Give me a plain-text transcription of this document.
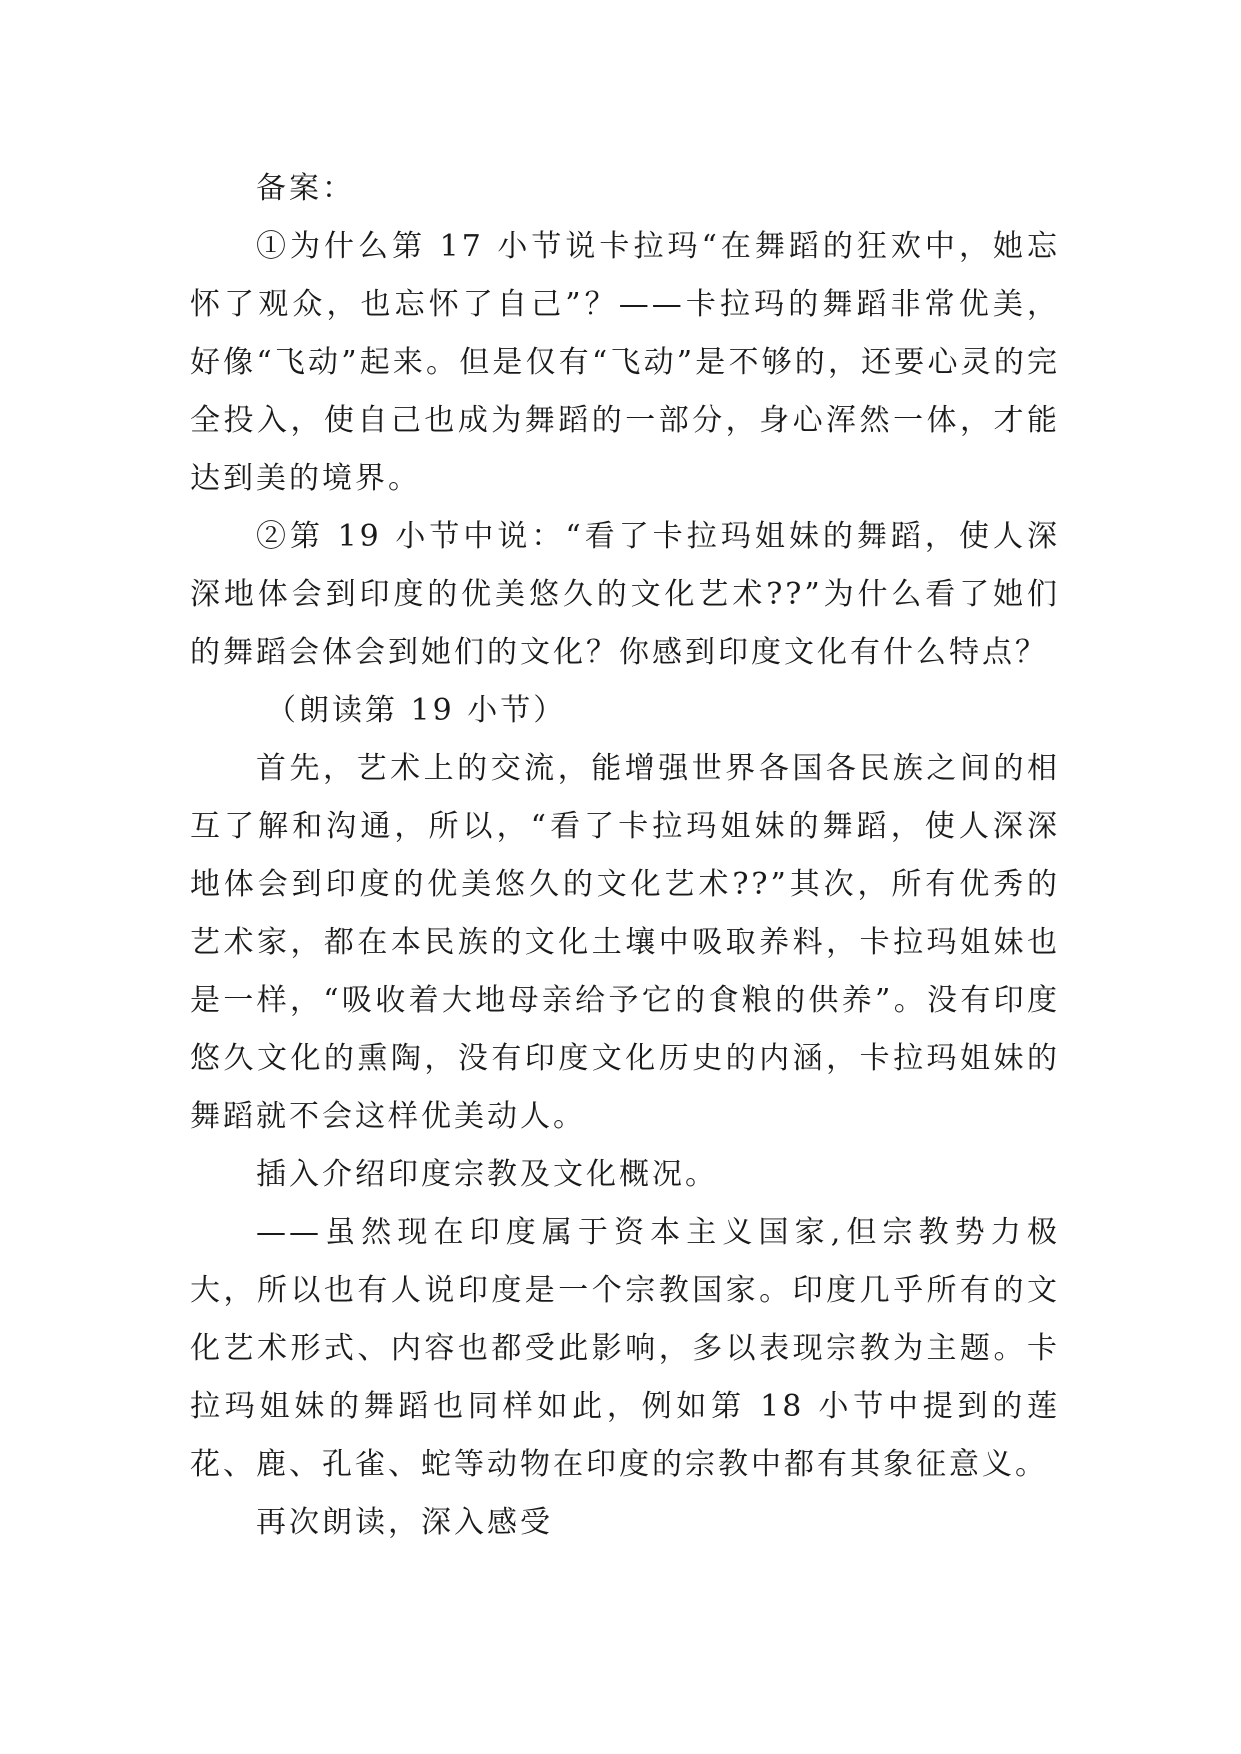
备案：

①为什么第 17 小节说卡拉玛“在舞蹈的狂欢中，她忘怀了观众，也忘怀了自己”？——卡拉玛的舞蹈非常优美，好像“飞动”起来。但是仅有“飞动”是不够的，还要心灵的完全投入，使自己也成为舞蹈的一部分，身心浑然一体，才能达到美的境界。

②第 19 小节中说：“看了卡拉玛姐妹的舞蹈，使人深深地体会到印度的优美悠久的文化艺术??”为什么看了她们的舞蹈会体会到她们的文化？你感到印度文化有什么特点？

（朗读第 19 小节）

首先，艺术上的交流，能增强世界各国各民族之间的相互了解和沟通，所以，“看了卡拉玛姐妹的舞蹈，使人深深地体会到印度的优美悠久的文化艺术??”其次，所有优秀的艺术家，都在本民族的文化土壤中吸取养料，卡拉玛姐妹也是一样，“吸收着大地母亲给予它的食粮的供养”。没有印度悠久文化的熏陶，没有印度文化历史的内涵，卡拉玛姐妹的舞蹈就不会这样优美动人。

插入介绍印度宗教及文化概况。

——虽然现在印度属于资本主义国家,但宗教势力极大，所以也有人说印度是一个宗教国家。印度几乎所有的文化艺术形式、内容也都受此影响，多以表现宗教为主题。卡拉玛姐妹的舞蹈也同样如此，例如第 18 小节中提到的莲花、鹿、孔雀、蛇等动物在印度的宗教中都有其象征意义。

再次朗读，深入感受
